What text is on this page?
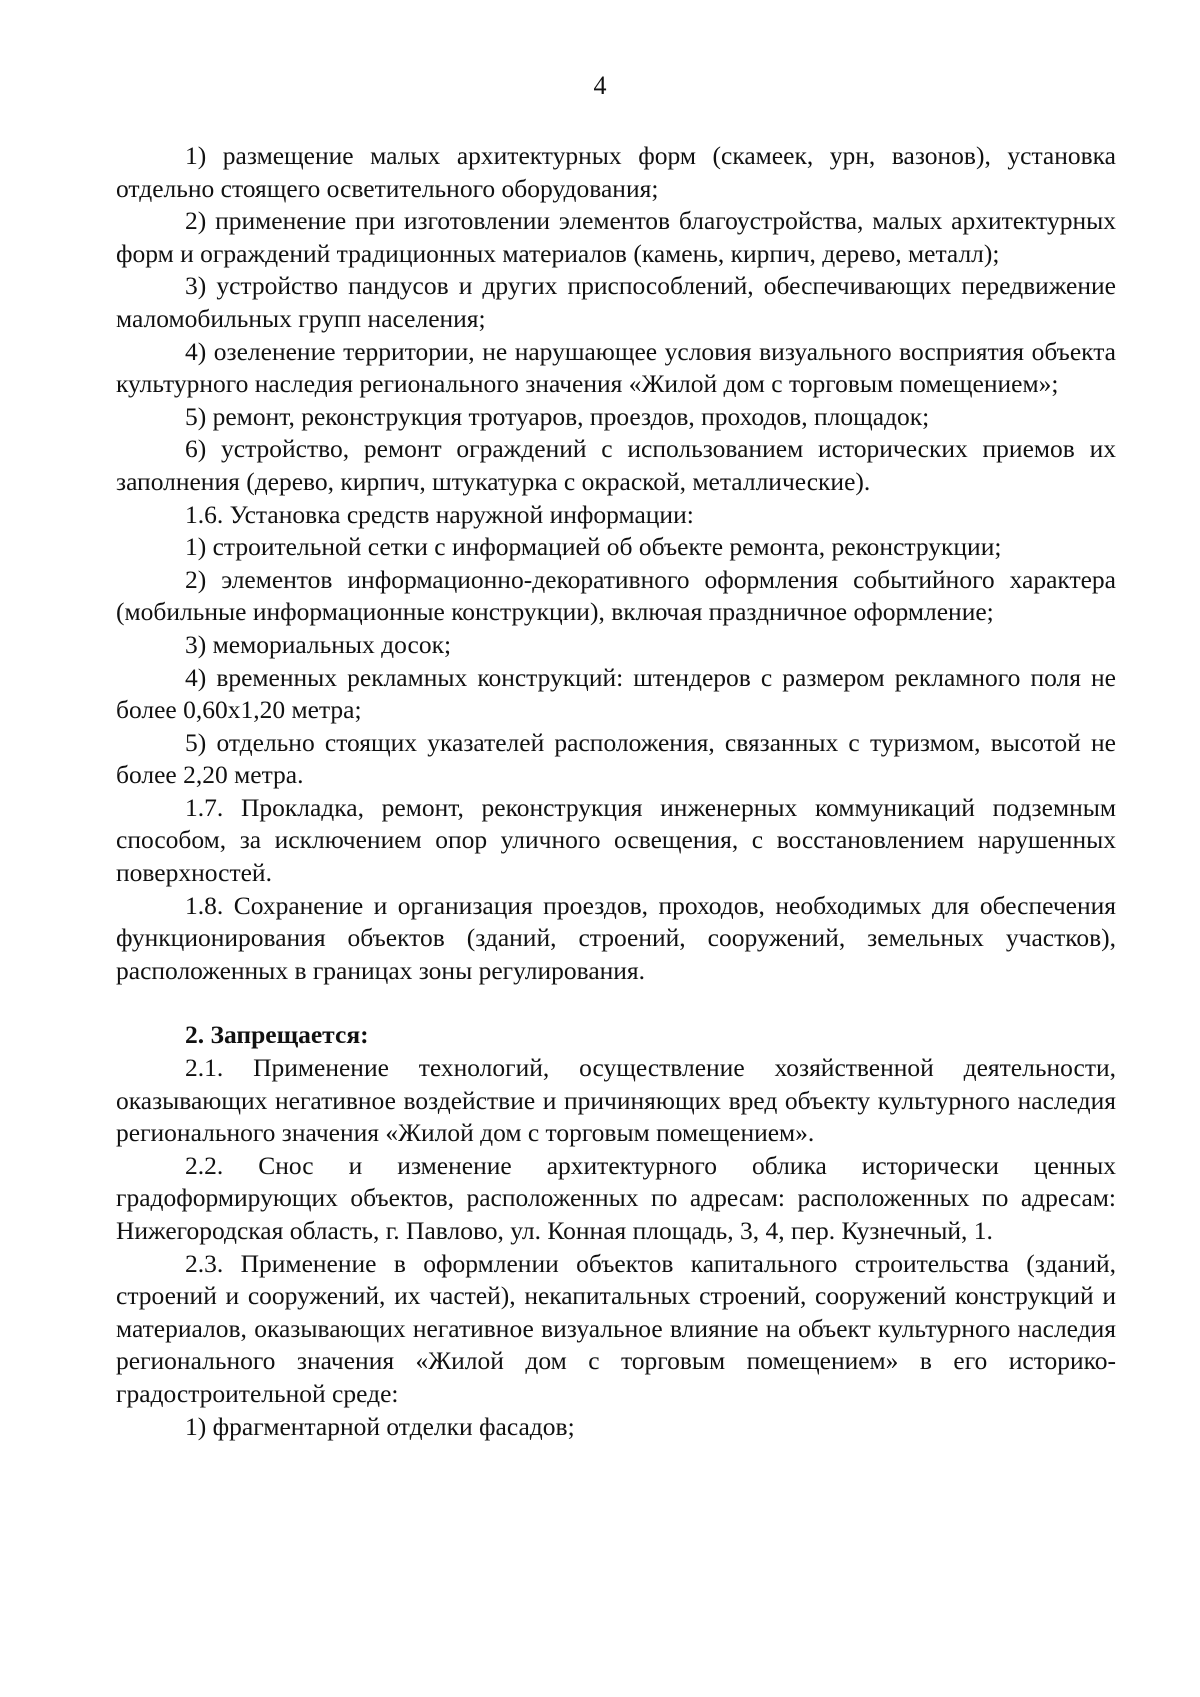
4

1) размещение малых архитектурных форм (скамеек, урн, вазонов), установка отдельно стоящего осветительного оборудования;

2) применение при изготовлении элементов благоустройства, малых архитектурных форм и ограждений традиционных материалов (камень, кирпич, дерево, металл);

3) устройство пандусов и других приспособлений, обеспечивающих передвижение маломобильных групп населения;

4) озеленение территории, не нарушающее условия визуального восприятия объекта культурного наследия регионального значения «Жилой дом с торговым помещением»;

5) ремонт, реконструкция тротуаров, проездов, проходов, площадок;

6) устройство, ремонт ограждений с использованием исторических приемов их заполнения (дерево, кирпич, штукатурка с окраской, металлические).

1.6. Установка средств наружной информации:

1) строительной сетки с информацией об объекте ремонта, реконструкции;

2) элементов информационно-декоративного оформления событийного характера (мобильные информационные конструкции), включая праздничное оформление;

3) мемориальных досок;

4) временных рекламных конструкций: штендеров с размером рекламного поля не более 0,60х1,20 метра;

5) отдельно стоящих указателей расположения, связанных с туризмом, высотой не более 2,20 метра.

1.7. Прокладка, ремонт, реконструкция инженерных коммуникаций подземным способом, за исключением опор уличного освещения, с восстановлением нарушенных поверхностей.

1.8. Сохранение и организация проездов, проходов, необходимых для обеспечения функционирования объектов (зданий, строений, сооружений, земельных участков), расположенных в границах зоны регулирования.

2. Запрещается:

2.1. Применение технологий, осуществление хозяйственной деятельности, оказывающих негативное воздействие и причиняющих вред объекту культурного наследия регионального значения «Жилой дом с торговым помещением».

2.2. Снос и изменение архитектурного облика исторически ценных градоформирующих объектов, расположенных по адресам: расположенных по адресам: Нижегородская область, г. Павлово, ул. Конная площадь, 3, 4, пер. Кузнечный, 1.

2.3. Применение в оформлении объектов капитального строительства (зданий, строений и сооружений, их частей), некапитальных строений, сооружений конструкций и материалов, оказывающих негативное визуальное влияние на объект культурного наследия регионального значения «Жилой дом с торговым помещением» в его историко-градостроительной среде:

1) фрагментарной отделки фасадов;
